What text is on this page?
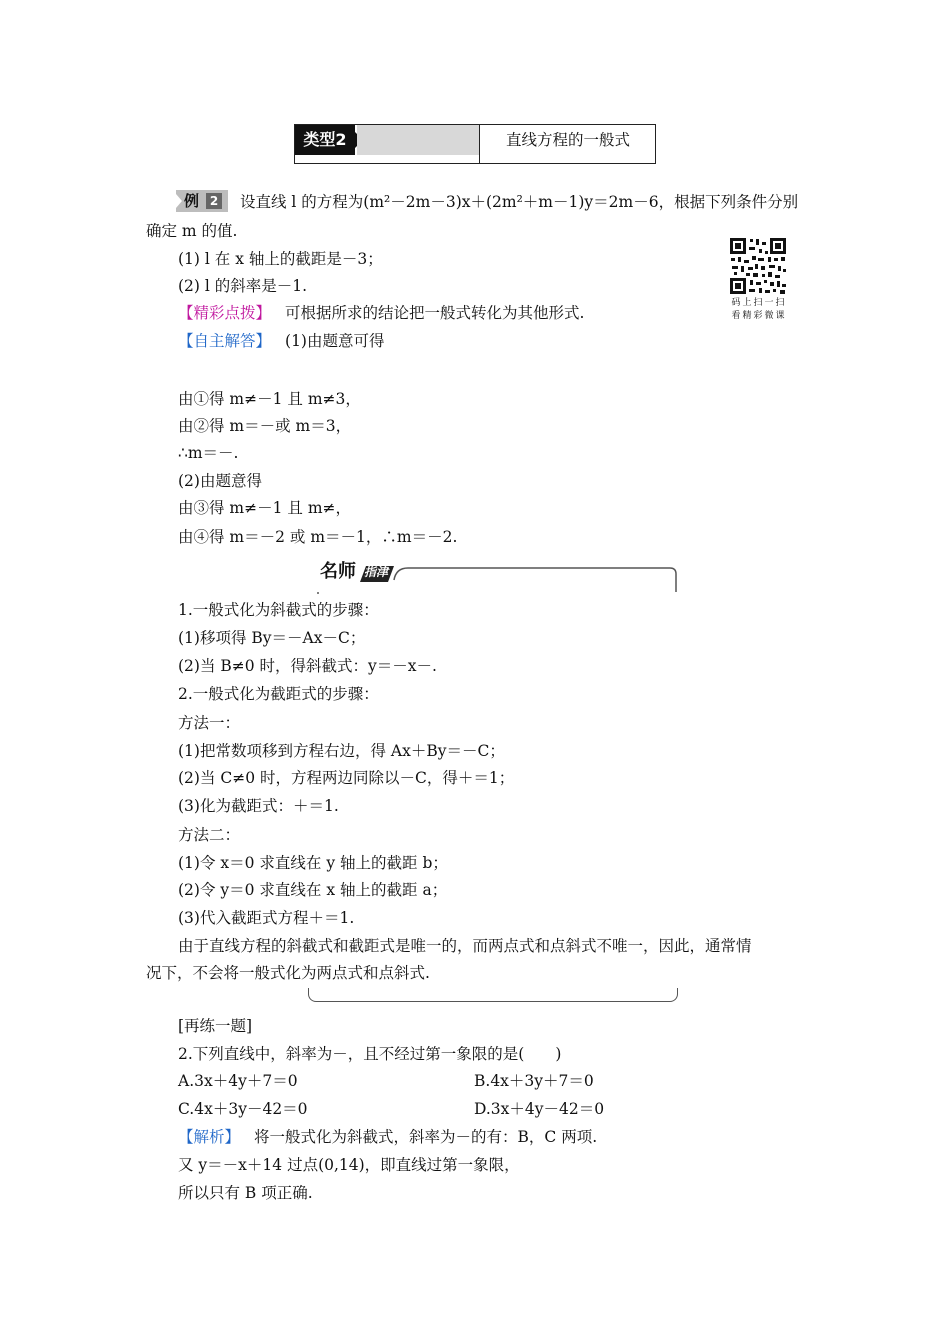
类型2	直线方程的一般式
例 2 设直线 l 的方程为(m²－2m－3)x＋(2m²＋m－1)y＝2m－6，根据下列条件分别
确定 m 的值.
(1) l 在 x 轴上的截距是－3；
(2) l 的斜率是－1.
【精彩点拨】 可根据所求的结论把一般式转化为其他形式.
【自主解答】 (1)由题意可得
码上扫一扫
看精彩微课
由①得 m≠－1 且 m≠3，
由②得 m＝－或 m＝3，
∴m＝－.
(2)由题意得
由③得 m≠－1 且 m≠，
由④得 m＝－2 或 m＝－1，∴m＝－2.
名师 指津
1.一般式化为斜截式的步骤：
(1)移项得 By＝－Ax－C；
(2)当 B≠0 时，得斜截式：y＝－x－.
2.一般式化为截距式的步骤：
方法一：
(1)把常数项移到方程右边，得 Ax＋By＝－C；
(2)当 C≠0 时，方程两边同除以－C，得＋＝1；
(3)化为截距式：＋＝1.
方法二：
(1)令 x＝0 求直线在 y 轴上的截距 b；
(2)令 y＝0 求直线在 x 轴上的截距 a；
(3)代入截距式方程＋＝1.
由于直线方程的斜截式和截距式是唯一的，而两点式和点斜式不唯一，因此，通常情
况下，不会将一般式化为两点式和点斜式.
[再练一题]
2.下列直线中，斜率为－，且不经过第一象限的是(　　)
A.3x＋4y＋7＝0	B.4x＋3y＋7＝0
C.4x＋3y－42＝0	D.3x＋4y－42＝0
【解析】 将一般式化为斜截式，斜率为－的有：B，C 两项.
又 y＝－x＋14 过点(0,14)，即直线过第一象限，
所以只有 B 项正确.
